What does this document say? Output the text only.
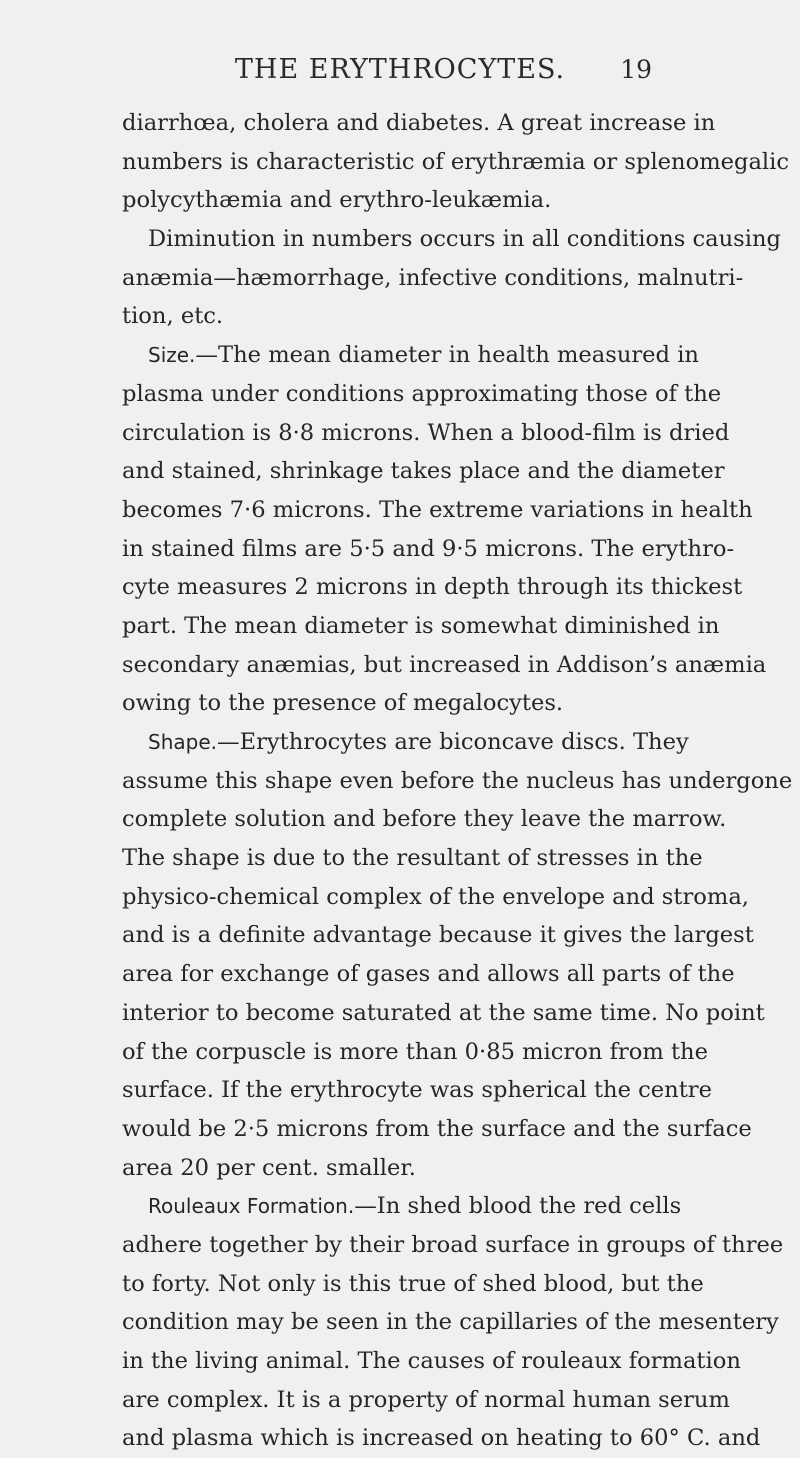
THE ERYTHROCYTES.	19
diarrhœa, cholera and diabetes. A great increase in
numbers is characteristic of erythræmia or splenomegalic
polycythæmia and erythro-leukæmia.
Diminution in numbers occurs in all conditions causing
anæmia—hæmorrhage, infective conditions, malnutri-
tion, etc.
Size.—The mean diameter in health measured in
plasma under conditions approximating those of the
circulation is 8·8 microns. When a blood-film is dried
and stained, shrinkage takes place and the diameter
becomes 7·6 microns. The extreme variations in health
in stained films are 5·5 and 9·5 microns. The erythro-
cyte measures 2 microns in depth through its thickest
part. The mean diameter is somewhat diminished in
secondary anæmias, but increased in Addison’s anæmia
owing to the presence of megalocytes.
Shape.—Erythrocytes are biconcave discs. They
assume this shape even before the nucleus has undergone
complete solution and before they leave the marrow.
The shape is due to the resultant of stresses in the
physico-chemical complex of the envelope and stroma,
and is a definite advantage because it gives the largest
area for exchange of gases and allows all parts of the
interior to become saturated at the same time. No point
of the corpuscle is more than 0·85 micron from the
surface. If the erythrocyte was spherical the centre
would be 2·5 microns from the surface and the surface
area 20 per cent. smaller.
Rouleaux Formation.—In shed blood the red cells
adhere together by their broad surface in groups of three
to forty. Not only is this true of shed blood, but the
condition may be seen in the capillaries of the mesentery
in the living animal. The causes of rouleaux formation
are complex. It is a property of normal human serum
and plasma which is increased on heating to 60° C. and
